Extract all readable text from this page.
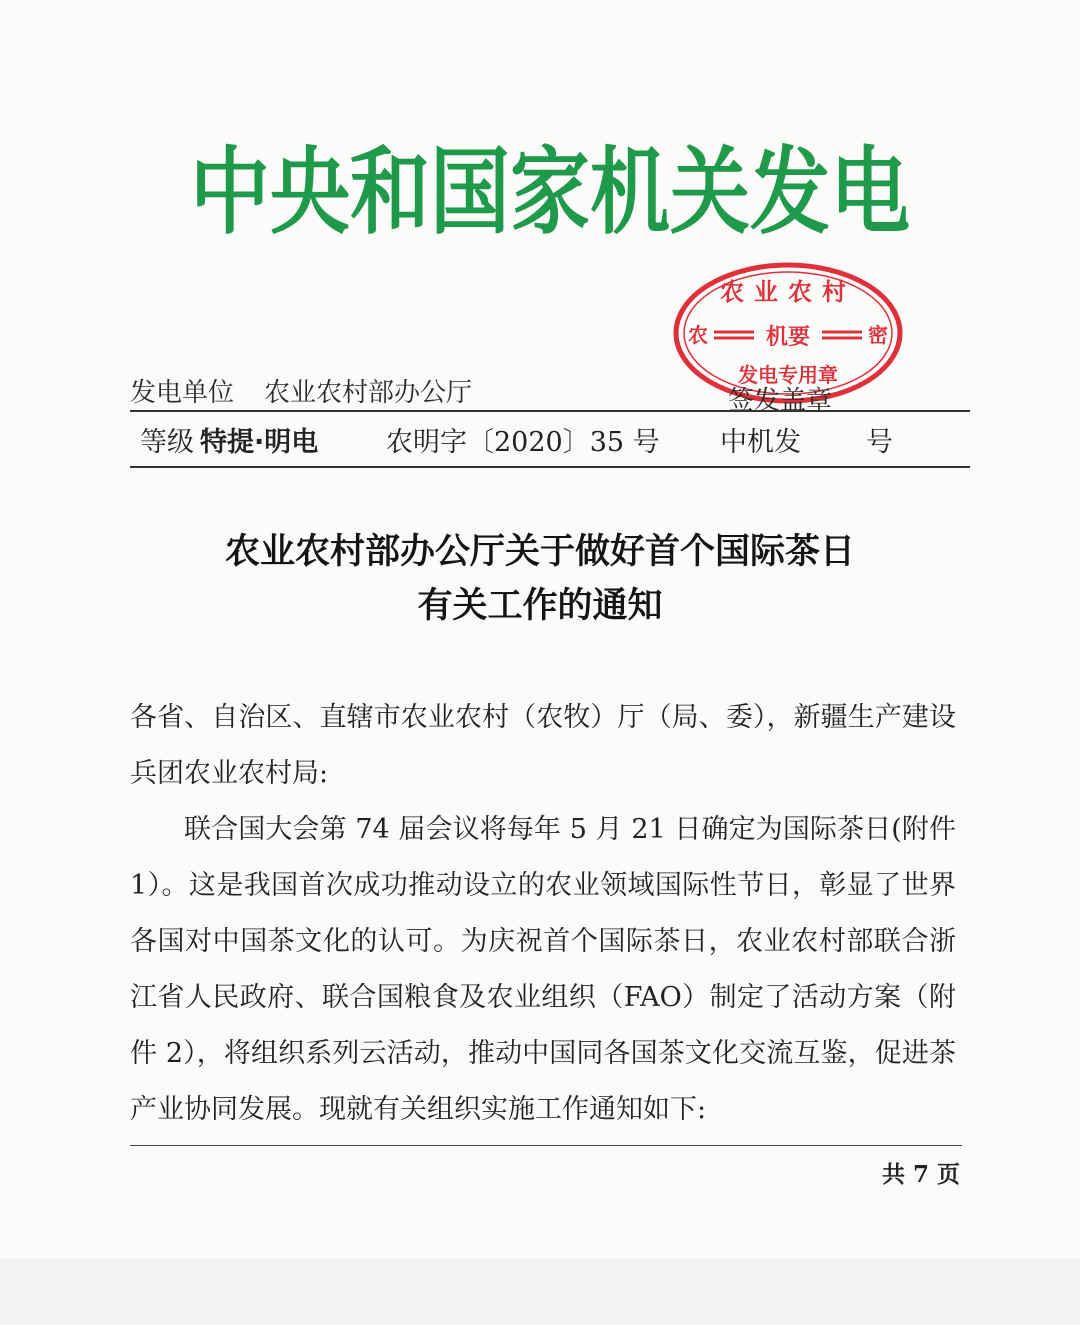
中央和国家机关发电
农业农村
农	机要	密
发电专用章
发电单位 农业农村部办公厅	签发盖章
等级 特提·明电	农明字〔2020〕35 号 中机发 号
农业农村部办公厅关于做好首个国际茶日
有关工作的通知

各省、自治区、直辖市农业农村（农牧）厅（局、委），新疆生产建设兵团农业农村局:

联合国大会第 74 届会议将每年 5 月 21 日确定为国际茶日(附件 1）。这是我国首次成功推动设立的农业领域国际性节日，彰显了世界各国对中国茶文化的认可。为庆祝首个国际茶日，农业农村部联合浙江省人民政府、联合国粮食及农业组织（FAO）制定了活动方案（附件 2），将组织系列云活动，推动中国同各国茶文化交流互鉴，促进茶产业协同发展。现就有关组织实施工作通知如下:

共 7 页
